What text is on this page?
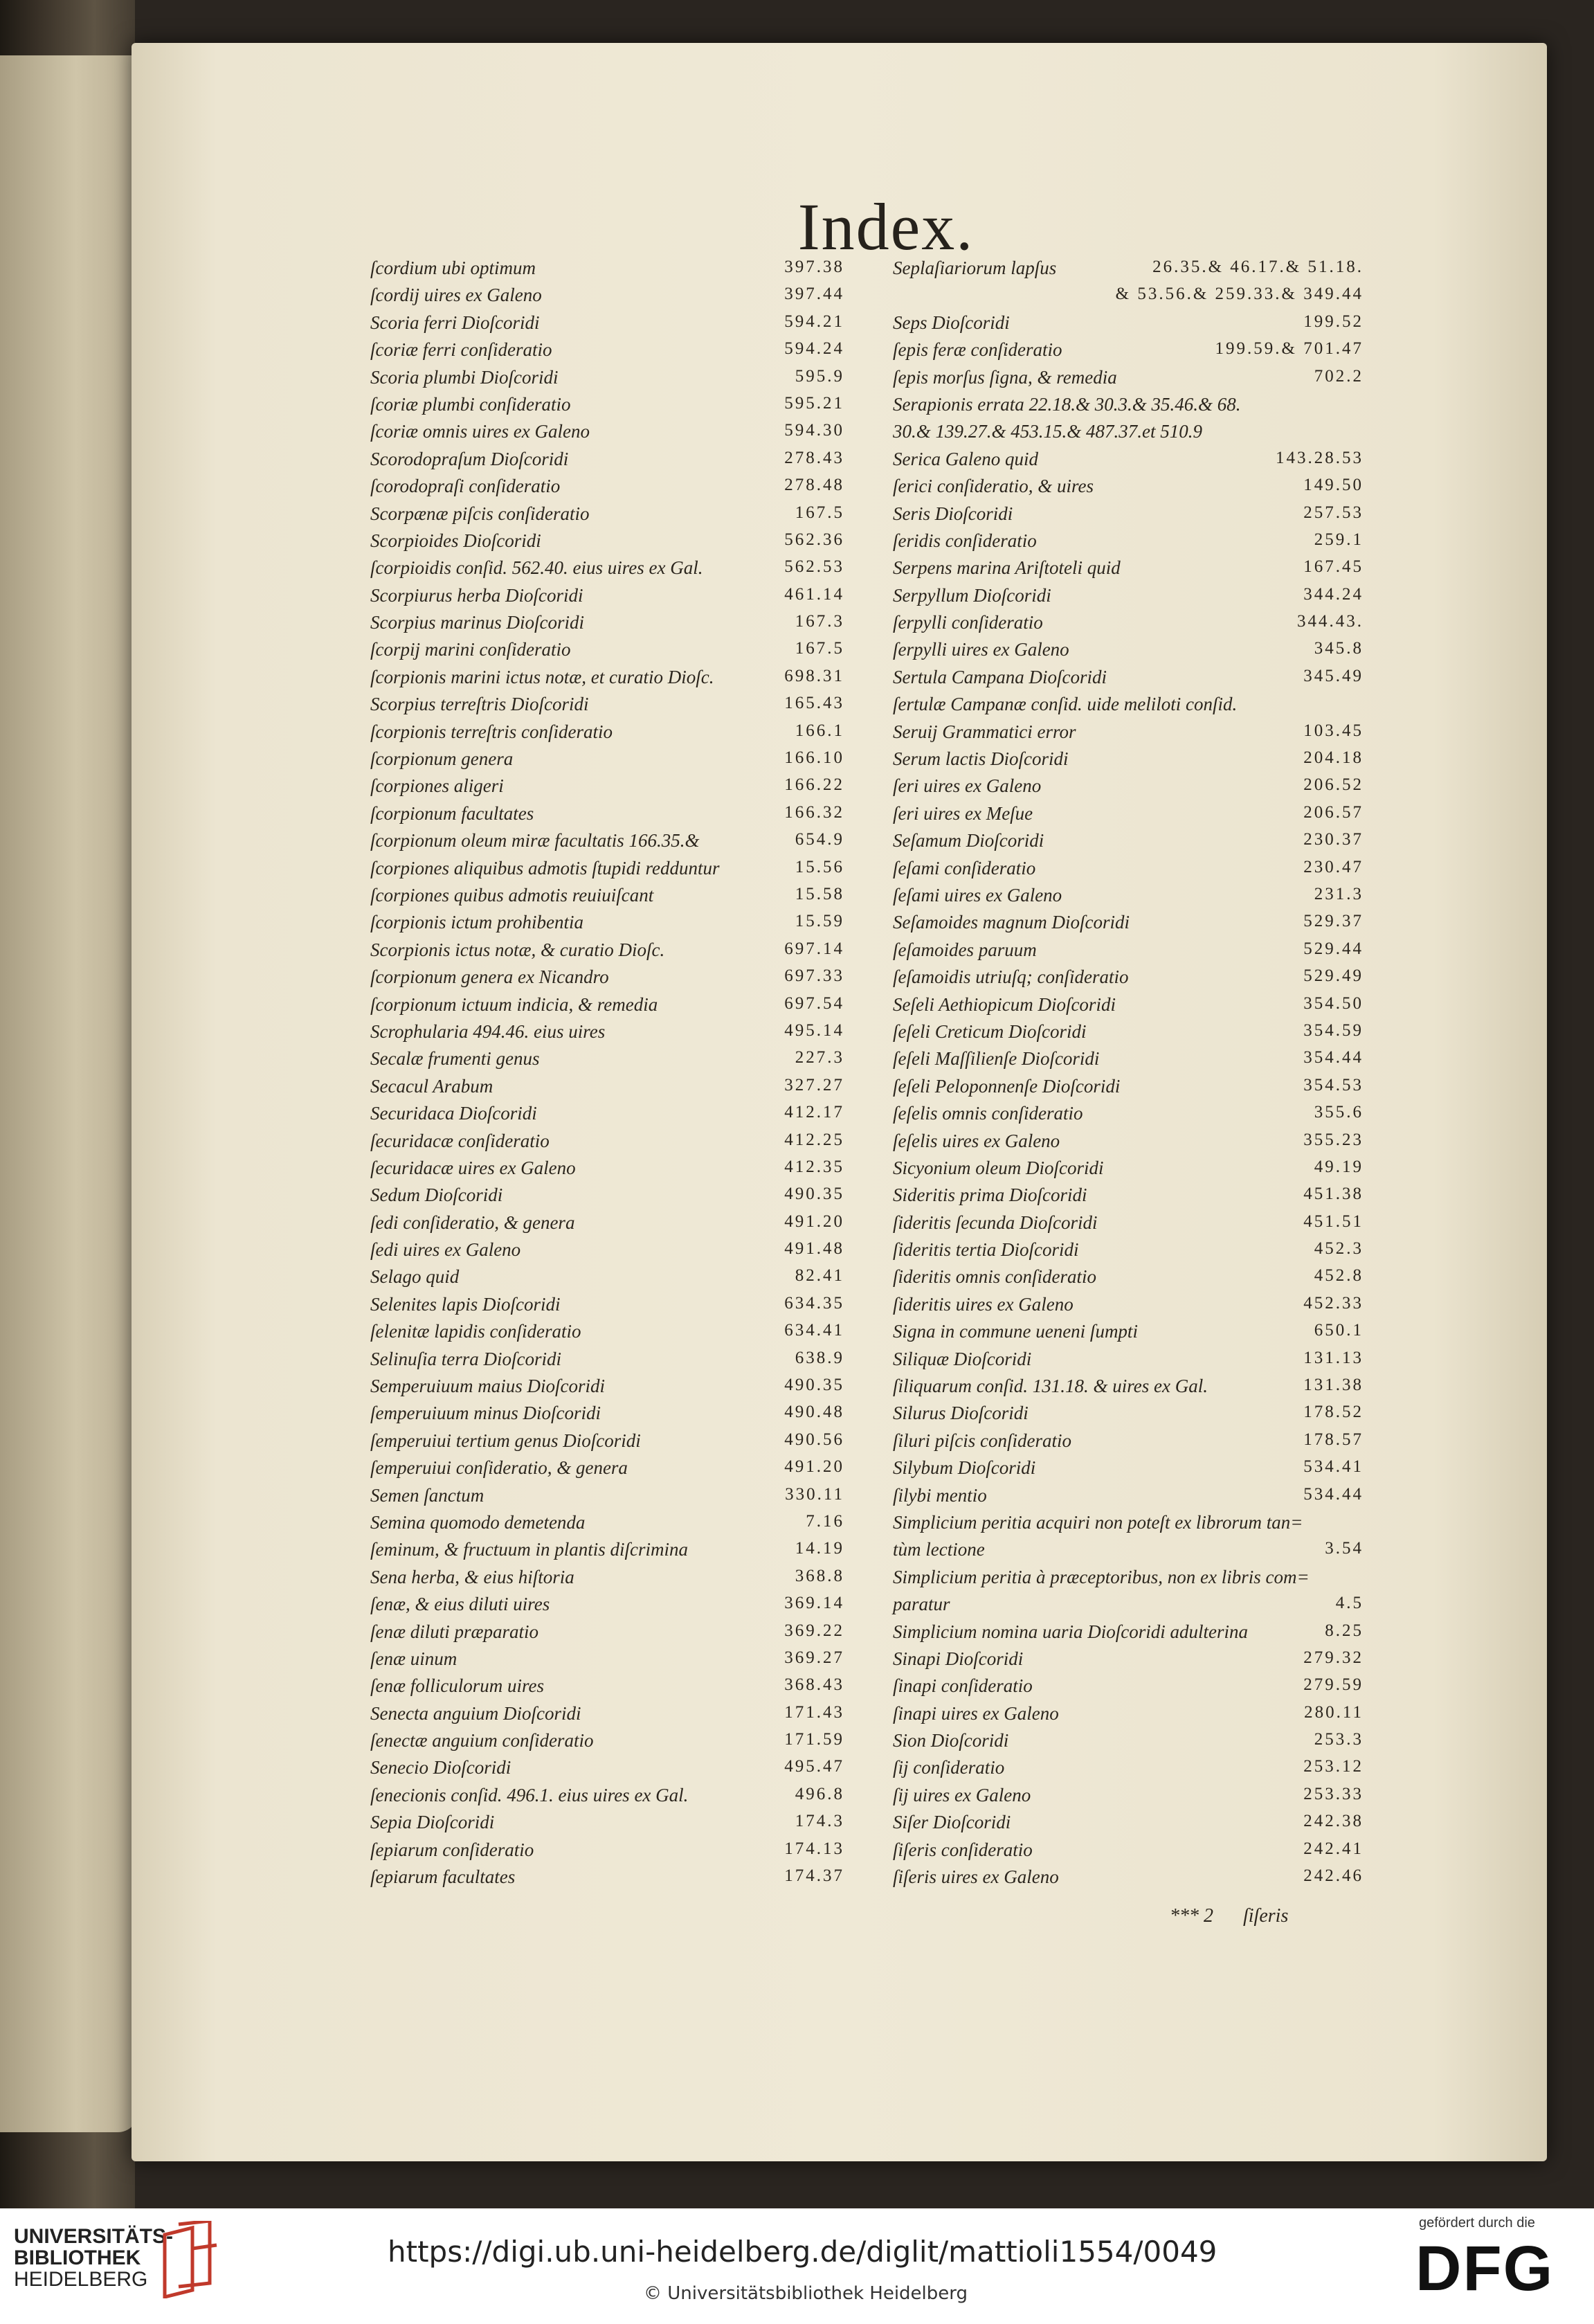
Index.
ſcordium ubi optimum	397.38
ſcordij uires ex Galeno	397.44
Scoria ferri Dioſcoridi	594.21
ſcoriæ ferri conſideratio	594.24
Scoria plumbi Dioſcoridi	595.9
ſcoriæ plumbi conſideratio	595.21
ſcoriæ omnis uires ex Galeno	594.30
Scorodopraſum Dioſcoridi	278.43
ſcorodopraſi conſideratio	278.48
Scorpænæ piſcis conſideratio	167.5
Scorpioides Dioſcoridi	562.36
ſcorpioidis conſid. 562.40. eius uires ex Gal.	562.53
Scorpiurus herba Dioſcoridi	461.14
Scorpius marinus Dioſcoridi	167.3
ſcorpij marini conſideratio	167.5
ſcorpionis marini ictus notæ, et curatio Dioſc.	698.31
Scorpius terreſtris Dioſcoridi	165.43
ſcorpionis terreſtris conſideratio	166.1
ſcorpionum genera	166.10
ſcorpiones aligeri	166.22
ſcorpionum facultates	166.32
ſcorpionum oleum miræ facultatis 166.35.&	654.9
ſcorpiones aliquibus admotis ſtupidi redduntur	15.56
ſcorpiones quibus admotis reuiuiſcant	15.58
ſcorpionis ictum prohibentia	15.59
Scorpionis ictus notæ, & curatio Dioſc.	697.14
ſcorpionum genera ex Nicandro	697.33
ſcorpionum ictuum indicia, & remedia	697.54
Scrophularia 494.46. eius uires	495.14
Secalæ frumenti genus	227.3
Secacul Arabum	327.27
Securidaca Dioſcoridi	412.17
ſecuridacæ conſideratio	412.25
ſecuridacæ uires ex Galeno	412.35
Sedum Dioſcoridi	490.35
ſedi conſideratio, & genera	491.20
ſedi uires ex Galeno	491.48
Selago quid	82.41
Selenites lapis Dioſcoridi	634.35
ſelenitæ lapidis conſideratio	634.41
Selinuſia terra Dioſcoridi	638.9
Semperuiuum maius Dioſcoridi	490.35
ſemperuiuum minus Dioſcoridi	490.48
ſemperuiui tertium genus Dioſcoridi	490.56
ſemperuiui conſideratio, & genera	491.20
Semen ſanctum	330.11
Semina quomodo demetenda	7.16
ſeminum, & fructuum in plantis diſcrimina	14.19
Sena herba, & eius hiſtoria	368.8
ſenæ, & eius diluti uires	369.14
ſenæ diluti præparatio	369.22
ſenæ uinum	369.27
ſenæ folliculorum uires	368.43
Senecta anguium Dioſcoridi	171.43
ſenectæ anguium conſideratio	171.59
Senecio Dioſcoridi	495.47
ſenecionis conſid. 496.1. eius uires ex Gal.	496.8
Sepia Dioſcoridi	174.3
ſepiarum conſideratio	174.13
ſepiarum facultates	174.37
Seplaſiariorum lapſus	26.35.& 46.17.& 51.18.
& 53.56.& 259.33.& 349.44
Seps Dioſcoridi	199.52
ſepis feræ conſideratio	199.59.& 701.47
ſepis morſus ſigna, & remedia	702.2
Serapionis errata 22.18.& 30.3.& 35.46.& 68.
30.& 139.27.& 453.15.& 487.37.et 510.9
Serica Galeno quid	143.28.53
ſerici conſideratio, & uires	149.50
Seris Dioſcoridi	257.53
ſeridis conſideratio	259.1
Serpens marina Ariſtoteli quid	167.45
Serpyllum Dioſcoridi	344.24
ſerpylli conſideratio	344.43.
ſerpylli uires ex Galeno	345.8
Sertula Campana Dioſcoridi	345.49
ſertulæ Campanæ conſid. uide meliloti conſid.
Seruij Grammatici error	103.45
Serum lactis Dioſcoridi	204.18
ſeri uires ex Galeno	206.52
ſeri uires ex Meſue	206.57
Seſamum Dioſcoridi	230.37
ſeſami conſideratio	230.47
ſeſami uires ex Galeno	231.3
Seſamoides magnum Dioſcoridi	529.37
ſeſamoides paruum	529.44
ſeſamoidis utriuſq; conſideratio	529.49
Seſeli Aethiopicum Dioſcoridi	354.50
ſeſeli Creticum Dioſcoridi	354.59
ſeſeli Maſſilienſe Dioſcoridi	354.44
ſeſeli Peloponnenſe Dioſcoridi	354.53
ſeſelis omnis conſideratio	355.6
ſeſelis uires ex Galeno	355.23
Sicyonium oleum Dioſcoridi	49.19
Sideritis prima Dioſcoridi	451.38
ſideritis ſecunda Dioſcoridi	451.51
ſideritis tertia Dioſcoridi	452.3
ſideritis omnis conſideratio	452.8
ſideritis uires ex Galeno	452.33
Signa in commune ueneni ſumpti	650.1
Siliquæ Dioſcoridi	131.13
ſiliquarum conſid. 131.18. & uires ex Gal.	131.38
Silurus Dioſcoridi	178.52
ſiluri piſcis conſideratio	178.57
Silybum Dioſcoridi	534.41
ſilybi mentio	534.44
Simplicium peritia acquiri non poteſt ex librorum tan=
tùm lectione	3.54
Simplicium peritia à præceptoribus, non ex libris com=
paratur	4.5
Simplicium nomina uaria Dioſcoridi adulterina	8.25
Sinapi Dioſcoridi	279.32
ſinapi conſideratio	279.59
ſinapi uires ex Galeno	280.11
Sion Dioſcoridi	253.3
ſij conſideratio	253.12
ſij uires ex Galeno	253.33
Siſer Dioſcoridi	242.38
ſiſeris conſideratio	242.41
ſiſeris uires ex Galeno	242.46
*** 2 ſiſeris
UNIVERSITÄTS-
BIBLIOTHEK
HEIDELBERG
https://digi.ub.uni-heidelberg.de/diglit/mattioli1554/0049
© Universitätsbibliothek Heidelberg
gefördert durch die
DFG
